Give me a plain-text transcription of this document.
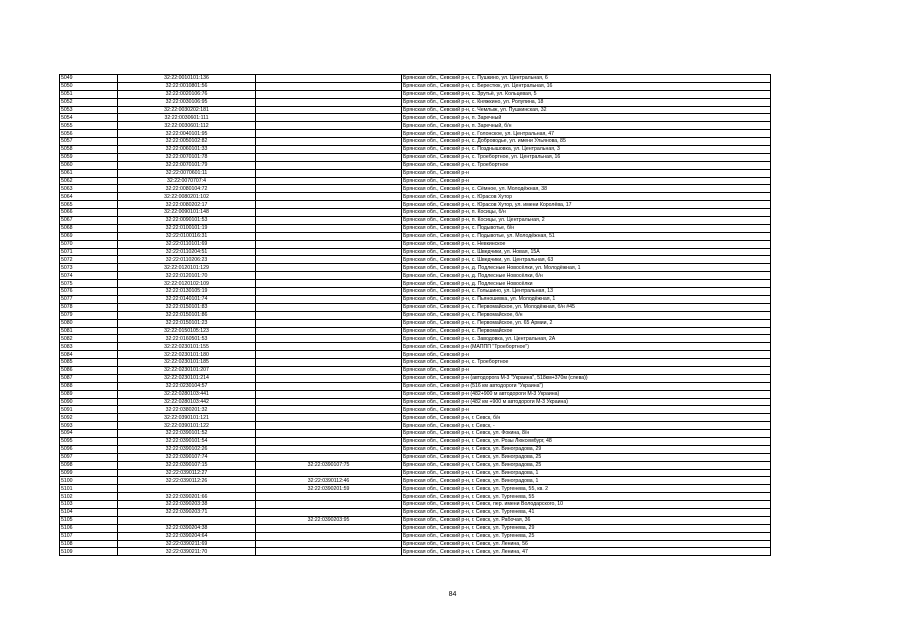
5049	32:22:0010101:136		Брянская обл., Севский р-н, с. Пушкино, ул. Центральная, 6
5050	32:22:0010801:56		Брянская обл., Севский р-н, с. Берестюк, ул. Центральная, 16
5051	32:22:0020106:76		Брянская обл., Севский р-н, с. Зрутьё, ул. Кольцевая, 5
5052	32:22:0030106:95		Брянская обл., Севский р-н, с. Княжкино, ул. Ролупина, 18
5053	32:22:0030202:181		Брянская обл., Севский р-н, с. Чемлыж, ул. Пушкинская, 32
5054	32:22:0030601:111		Брянская обл., Севский р-н, п. Заречный
5055	32:22:0030601:112		Брянская обл., Севский р-н, п. Заречный, б/н
5056	32:22:0040101:95		Брянская обл., Севский р-н, с. Голонское, ул. Центральная, 47
5057	32:22:0050102:82		Брянская обл., Севский р-н, с. Доброводье, ул. имени Ульянова, 85
5058	32:22:0060101:33		Брянская обл., Севский р-н, с. Позднышовка, ул. Центральная, 3
5059	32:22:0070101:78		Брянская обл., Севский р-н, с. Троебортное, ул. Центральная, 16
5060	32:22:0070101:79		Брянская обл., Севский р-н, с. Троебортное
5061	32:22:0070601:11		Брянская обл., Севский р-н
5062	32:22:0070707:4		Брянская обл., Севский р-н
5063	32:22:0080104:72		Брянская обл., Севский р-н, с. Сёмное, ул. Молодёжная, 38
5064	32:22:0080201:102		Брянская обл., Севский р-н, с. Юрасов Хутор
5065	32:22:0080202:17		Брянская обл., Севский р-н, с. Юрасов Хутор, ул. имени Королёва, 17
5066	32:22:0090101:148		Брянская обл., Севский р-н, п. Косицы, б/н
5067	32:22:0090101:53		Брянская обл., Севский р-н, п. Косицы, ул. Центральная, 2
5068	32:22:0100101:19		Брянская обл., Севский р-н, с. Подывотье, б/н
5069	32:22:0100116:31		Брянская обл., Севский р-н, с. Подывотье, ул. Молодёжная, 51
5070	32:22:0110101:69		Брянская обл., Севский р-н, с. Невкинское
5071	32:22:0110204:51		Брянская обл., Севский р-н, с. Шведчики, ул. Новая, 15А
5072	32:22:0110206:23		Брянская обл., Севский р-н, с. Шведчики, ул. Центральная, 63
5073	32:22:0120101:129		Брянская обл., Севский р-н, д. Подлесные Новосёлки, ул. Молодёжная, 1
5074	32:22:0120101:70		Брянская обл., Севский р-н, д. Подлесные Новосёлки, б/н
5075	32:22:0120102:109		Брянская обл., Севский р-н, д. Подлесные Новосёлки
5076	32:22:0130105:19		Брянская обл., Севский р-н, с. Гольшино, ул. Центральная, 13
5077	32:22:0140101:74		Брянская обл., Севский р-н, с. Пьяношевка, ул. Молодёжная, 1
5078	32:22:0150101:83		Брянская обл., Севский р-н, с. Первомайское, ул. Молодёжная, б/н #45
5079	32:22:0150101:86		Брянская обл., Севский р-н, с. Первомайское, б/н
5080	32:22:0150101:23		Брянская обл., Севский р-н, с. Первомайское, ул. 65 Армии, 2
5081	32:22:0150105:123		Брянская обл., Севский р-н, с. Первомайское
5082	32:22:0160501:53		Брянская обл., Севский р-н, с. Заводовка, ул. Центральная, 2А
5083	32:22:0230101:155		Брянская обл., Севский р-н (МАППП "Троебортное")
5084	32:22:0230101:180		Брянская обл., Севский р-н
5085	32:22:0230101:185		Брянская обл., Севский р-н, с. Троебортное
5086	32:22:0230101:207		Брянская обл., Севский р-н
5087	32:22:0230101:214		Брянская обл., Севский р-н (автодорога М-3 "Украина", 518км+370м (слева))
5088	32:22:0230104:57		Брянская обл., Севский р-н (516 км автодороги "Украина")
5089	32:22:0280103:441		Брянская обл., Севский р-н (482+900 м автодороги М-3 Украина)
5090	32:22:0280103:442		Брянская обл., Севский р-н (482 км +900 м автодороги М-3 Украина)
5091	32:22:0380201:32		Брянская обл., Севский р-н
5092	32:22:0390101:121		Брянская обл., Севский р-н, г. Севск, б/н
5093	32:22:0390101:122		Брянская обл., Севский р-н, г. Севск, -
5094	32:22:0390101:52		Брянская обл., Севский р-н, г. Севск, ул. Фокина, 8/н
5095	32:22:0390101:54		Брянская обл., Севский р-н, г. Севск, ул. Розы Люксембург, 48
5096	32:22:0390102:26		Брянская обл., Севский р-н, г. Севск, ул. Виноградова, 29
5097	32:22:0390107:74		Брянская обл., Севский р-н, г. Севск, ул. Виноградова, 25
5098	32:22:0390107:15	32:22:0390107:75	Брянская обл., Севский р-н, г. Севск, ул. Виноградова, 25
5099	32:22:0390112:27		Брянская обл., Севский р-н, г. Севск, ул. Виноградова, 1
5100	32:22:0390112:26	32:22:0390112:46	Брянская обл., Севский р-н, г. Севск, ул. Виноградова, 1
5101		32:22:0390201:59	Брянская обл., Севский р-н, г. Севск, ул. Тургенева, 55, кв. 2
5102	32:22:0390201:66		Брянская обл., Севский р-н, г. Севск, ул. Тургенева, 55
5103	32:22:0390203:38		Брянская обл., Севский р-н, г. Севск, пер. имени Володарского, 10
5104	32:22:0390203:71		Брянская обл., Севский р-н, г. Севск, ул. Тургенева, 41
5105		32:22:0390203:95	Брянская обл., Севский р-н, г. Севск, ул. Рабочая, 36
5106	32:22:0390204:38		Брянская обл., Севский р-н, г. Севск, ул. Тургенева, 29
5107	32:22:0390204:64		Брянская обл., Севский р-н, г. Севск, ул. Тургенева, 25
5108	32:22:0390211:69		Брянская обл., Севский р-н, г. Севск, ул. Ленина, 56
5109	32:22:0390211:70		Брянская обл., Севский р-н, г. Севск, ул. Ленина, 47
84
